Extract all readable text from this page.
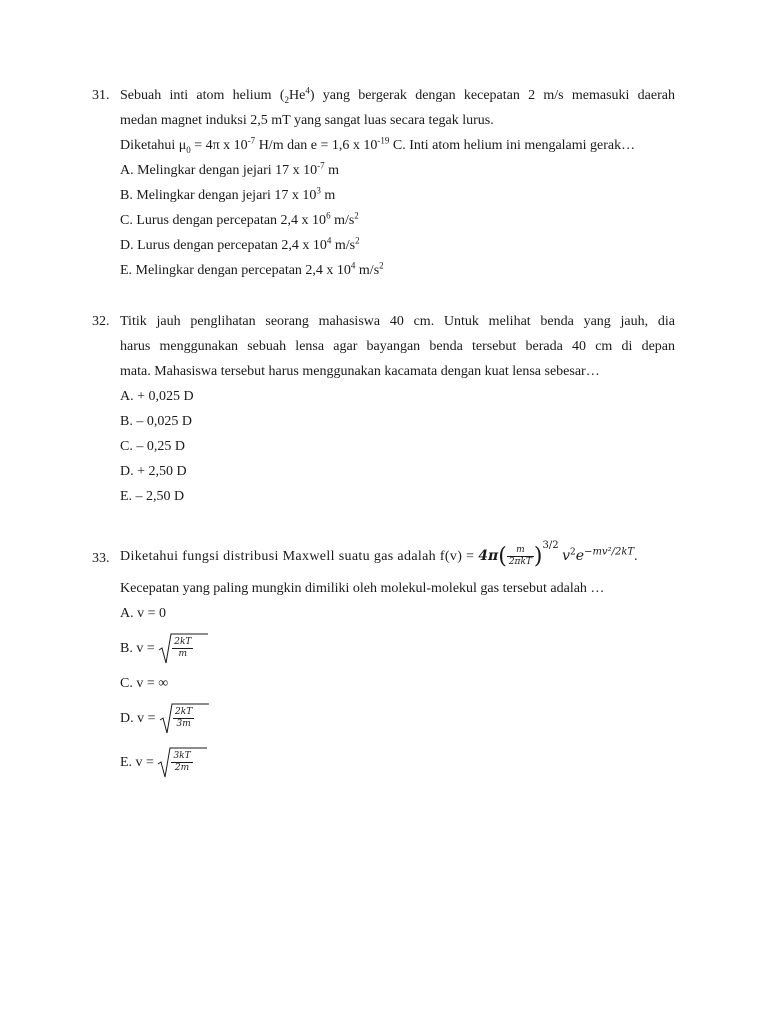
31. Sebuah inti atom helium $(_2He^4)$ yang bergerak dengan kecepatan 2 m/s memasuki daerah
medan magnet induksi 2,5 mT yang sangat luas secara tegak lurus.
Diketahui $\mu_0 = 4\pi$ x $10^{-7}$ H/m dan e = 1,6 x $10^{-19}$ C. Inti atom helium ini mengalami gerak…
A. Melingkar dengan jejari 17 x $10^{-7}$ m
B. Melingkar dengan jejari 17 x $10^3$ m
C. Lurus dengan percepatan 2,4 x $10^6$ $m/s^2$
D. Lurus dengan percepatan 2,4 x $10^4$ $m/s^2$
E. Melingkar dengan percepatan 2,4 x $10^4$ $m/s^2$
32. Titik jauh penglihatan seorang mahasiswa 40 cm. Untuk melihat benda yang jauh, dia
harus menggunakan sebuah lensa agar bayangan benda tersebut berada 40 cm di depan
mata. Mahasiswa tersebut harus menggunakan kacamata dengan kuat lensa sebesar…
A. + 0,025 D
B. – 0,025 D
C. – 0,25 D
D. + 2,50 D
E. – 2,50 D
33. Diketahui fungsi distribusi Maxwell suatu gas adalah $f(v) = 4\pi( \frac{m}{\text{2πkT}} )^{3/2}$ $v^2e^{-mv^2/2kT}$.
Kecepatan yang paling mungkin dimiliki oleh molekul-molekul gas tersebut adalah …
A. v = 0
B. $v = \frac{2kT}{m}$
C. v = ∞
D. $v = \frac{2kT}{3m}$
E. $v = \frac{3kT}{2m}$
